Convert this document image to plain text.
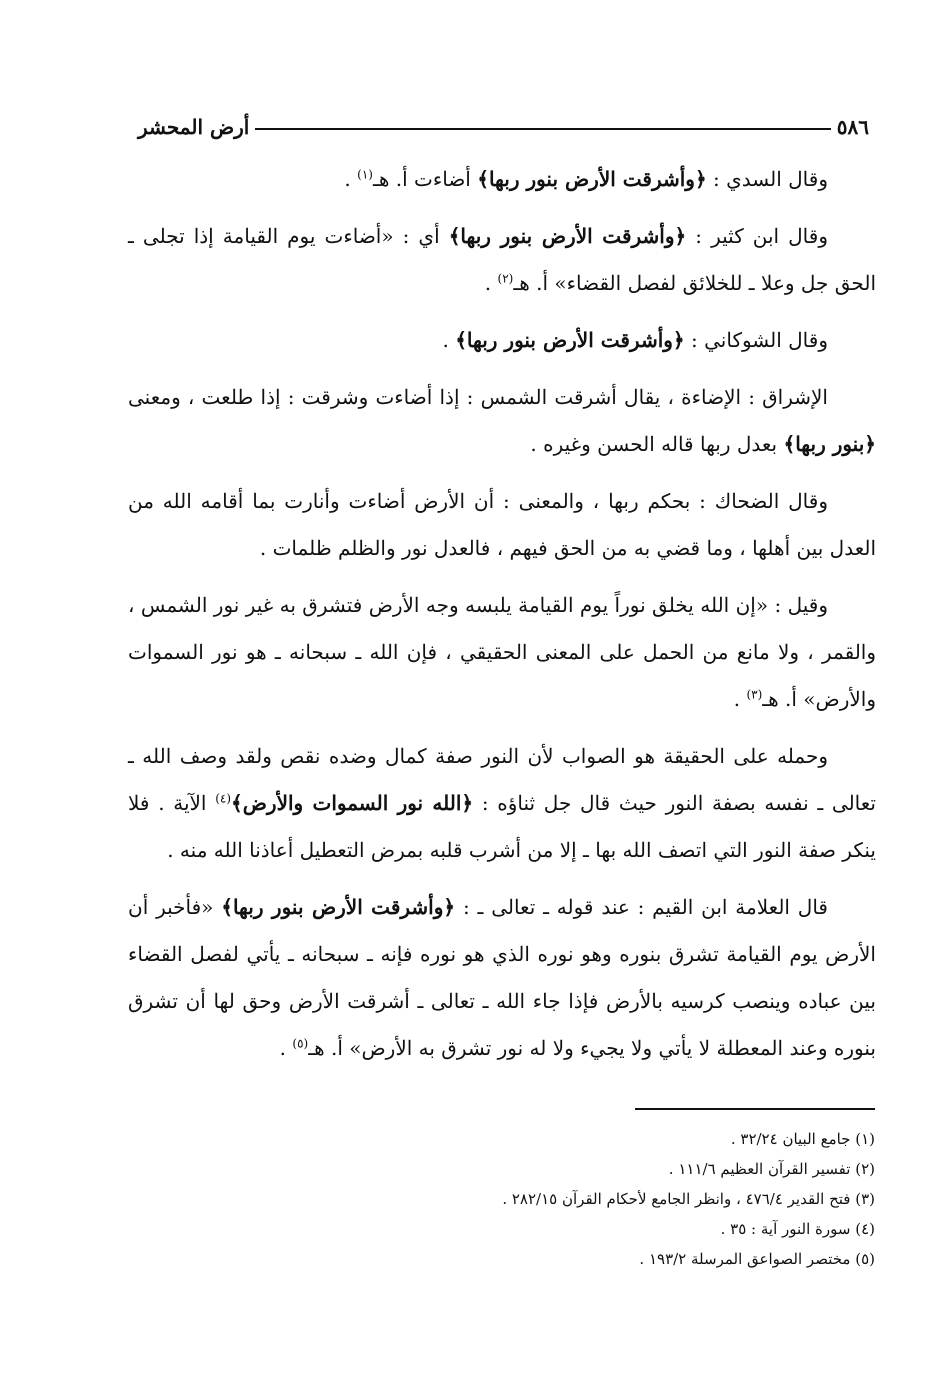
٥٨٦
أرض المحشر

وقال السدي : ﴿وأشرقت الأرض بنور ربها﴾ أضاءت أ. هـ$^{(١)}$ .

وقال ابن كثير : ﴿وأشرقت الأرض بنور ربها﴾ أي : «أضاءت يوم القيامة إذا تجلى ـ الحق جل وعلا ـ للخلائق لفصل القضاء» أ. هـ$^{(٢)}$ .

وقال الشوكاني : ﴿وأشرقت الأرض بنور ربها﴾ .

الإشراق : الإضاءة ، يقال أشرقت الشمس : إذا أضاءت وشرقت : إذا طلعت ، ومعنى ﴿بنور ربها﴾ بعدل ربها قاله الحسن وغيره .

وقال الضحاك : بحكم ربها ، والمعنى : أن الأرض أضاءت وأنارت بما أقامه الله من العدل بين أهلها ، وما قضي به من الحق فيهم ، فالعدل نور والظلم ظلمات .

وقيل : «إن الله يخلق نوراً يوم القيامة يلبسه وجه الأرض فتشرق به غير نور الشمس ، والقمر ، ولا مانع من الحمل على المعنى الحقيقي ، فإن الله ـ سبحانه ـ هو نور السموات والأرض» أ. هـ$^{(٣)}$ .

وحمله على الحقيقة هو الصواب لأن النور صفة كمال وضده نقص ولقد وصف الله ـ تعالى ـ نفسه بصفة النور حيث قال جل ثناؤه : ﴿الله نور السموات والأرض﴾$^{(٤)}$ الآية . فلا ينكر صفة النور التي اتصف الله بها ـ إلا من أشرب قلبه بمرض التعطيل أعاذنا الله منه .

قال العلامة ابن القيم : عند قوله ـ تعالى ـ : ﴿وأشرقت الأرض بنور ربها﴾ «فأخبر أن الأرض يوم القيامة تشرق بنوره وهو نوره الذي هو نوره فإنه ـ سبحانه ـ يأتي لفصل القضاء بين عباده وينصب كرسيه بالأرض فإذا جاء الله ـ تعالى ـ أشرقت الأرض وحق لها أن تشرق بنوره وعند المعطلة لا يأتي ولا يجيء ولا له نور تشرق به الأرض» أ. هـ$^{(٥)}$ .

(١) جامع البيان ٣٢/٢٤ .

(٢) تفسير القرآن العظيم ١١١/٦ .

(٣) فتح القدير ٤٧٦/٤ ، وانظر الجامع لأحكام القرآن ٢٨٢/١٥ .

(٤) سورة النور آية : ٣٥ .

(٥) مختصر الصواعق المرسلة ١٩٣/٢ .
